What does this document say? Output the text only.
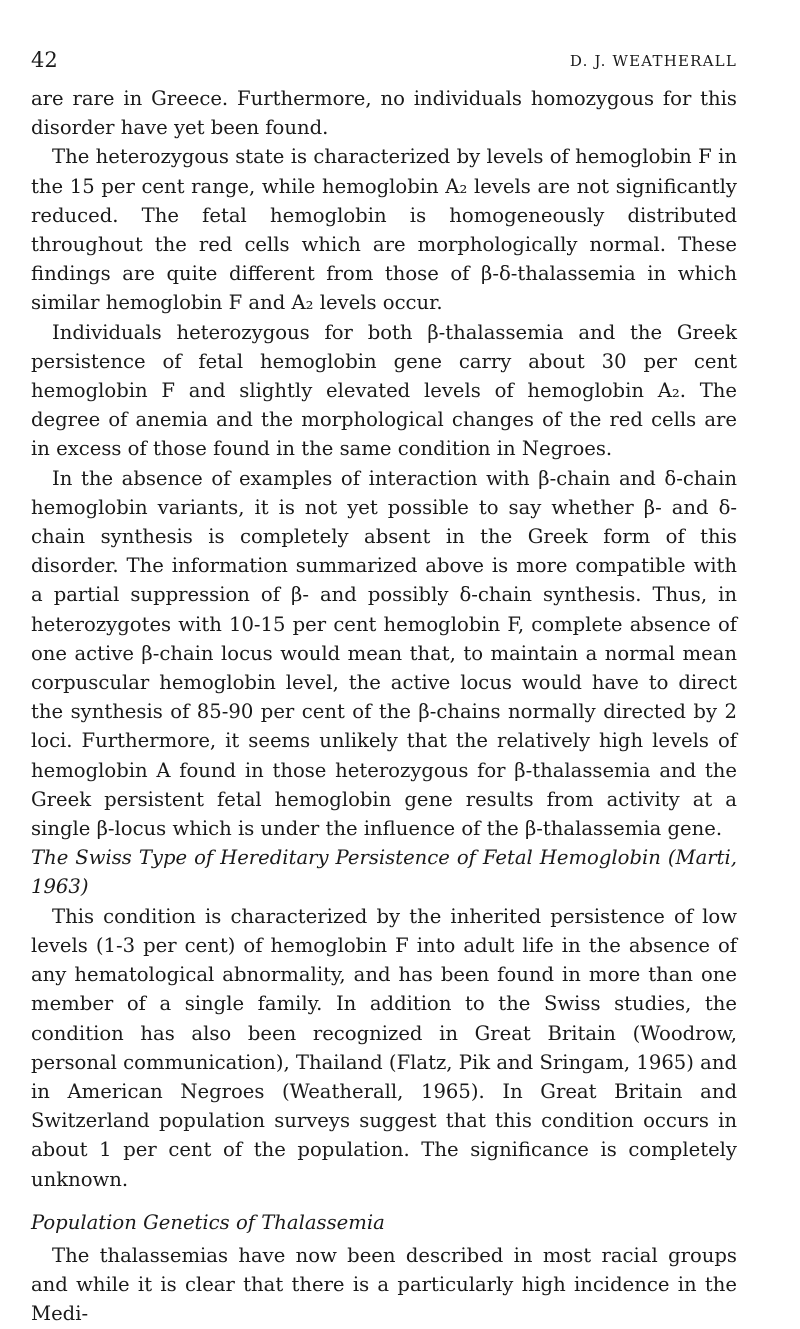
42	D. J. WEATHERALL

are rare in Greece. Furthermore, no individuals homozygous for this disorder have yet been found.

The heterozygous state is characterized by levels of hemoglobin F in the 15 per cent range, while hemoglobin A₂ levels are not significantly reduced. The fetal hemoglobin is homogeneously distributed throughout the red cells which are morphologically normal. These findings are quite different from those of β-δ-thalassemia in which similar hemoglobin F and A₂ levels occur.

Individuals heterozygous for both β-thalassemia and the Greek persistence of fetal hemoglobin gene carry about 30 per cent hemoglobin F and slightly elevated levels of hemoglobin A₂. The degree of anemia and the morphological changes of the red cells are in excess of those found in the same condition in Negroes.

In the absence of examples of interaction with β-chain and δ-chain hemoglobin variants, it is not yet possible to say whether β- and δ-chain synthesis is completely absent in the Greek form of this disorder. The information summarized above is more compatible with a partial suppression of β- and possibly δ-chain synthesis. Thus, in heterozygotes with 10-15 per cent hemoglobin F, complete absence of one active β-chain locus would mean that, to maintain a normal mean corpuscular hemoglobin level, the active locus would have to direct the synthesis of 85-90 per cent of the β-chains normally directed by 2 loci. Furthermore, it seems unlikely that the relatively high levels of hemoglobin A found in those heterozygous for β-thalassemia and the Greek persistent fetal hemoglobin gene results from activity at a single β-locus which is under the influence of the β-thalassemia gene.

The Swiss Type of Hereditary Persistence of Fetal Hemoglobin (Marti, 1963)

This condition is characterized by the inherited persistence of low levels (1-3 per cent) of hemoglobin F into adult life in the absence of any hematological abnormality, and has been found in more than one member of a single family. In addition to the Swiss studies, the condition has also been recognized in Great Britain (Woodrow, personal communication), Thailand (Flatz, Pik and Sringam, 1965) and in American Negroes (Weatherall, 1965). In Great Britain and Switzerland population surveys suggest that this condition occurs in about 1 per cent of the population. The significance is completely unknown.

Population Genetics of Thalassemia

The thalassemias have now been described in most racial groups and while it is clear that there is a particularly high incidence in the Medi-
